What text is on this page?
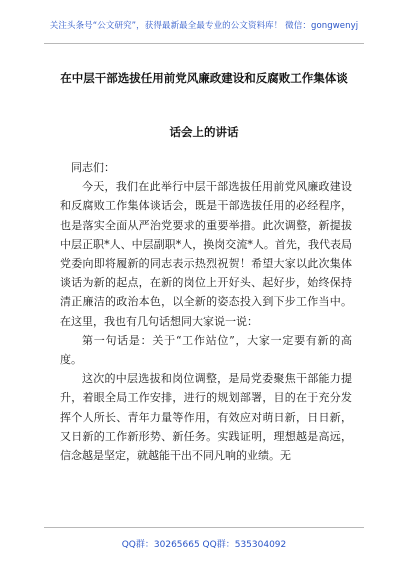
关注头条号“公文研究”，获得最新最全最专业的公文资料库！ 微信：gongwenyj
在中层干部选拔任用前党风廉政建设和反腐败工作集体谈
话会上的讲话

同志们：

今天，我们在此举行中层干部选拔任用前党风廉政建设和反腐败工作集体谈话会，既是干部选拔任用的必经程序，也是落实全面从严治党要求的重要举措。此次调整，新提拔中层正职*人、中层副职*人，换岗交流*人。首先，我代表局党委向即将履新的同志表示热烈祝贺！希望大家以此次集体谈话为新的起点，在新的岗位上开好头、起好步，始终保持清正廉洁的政治本色，以全新的姿态投入到下步工作当中。在这里，我也有几句话想同大家说一说：

第一句话是：关于“工作站位”，大家一定要有新的高度。

这次的中层选拔和岗位调整，是局党委聚焦干部能力提升，着眼全局工作安排，进行的规划部署，目的在于充分发挥个人所长、青年力量等作用，有效应对萌日新，日日新，又日新的工作新形势、新任务。实践证明，理想越是高远，信念越是坚定，就越能干出不同凡响的业绩。无

QQ群：30265665 QQ群：535304092
